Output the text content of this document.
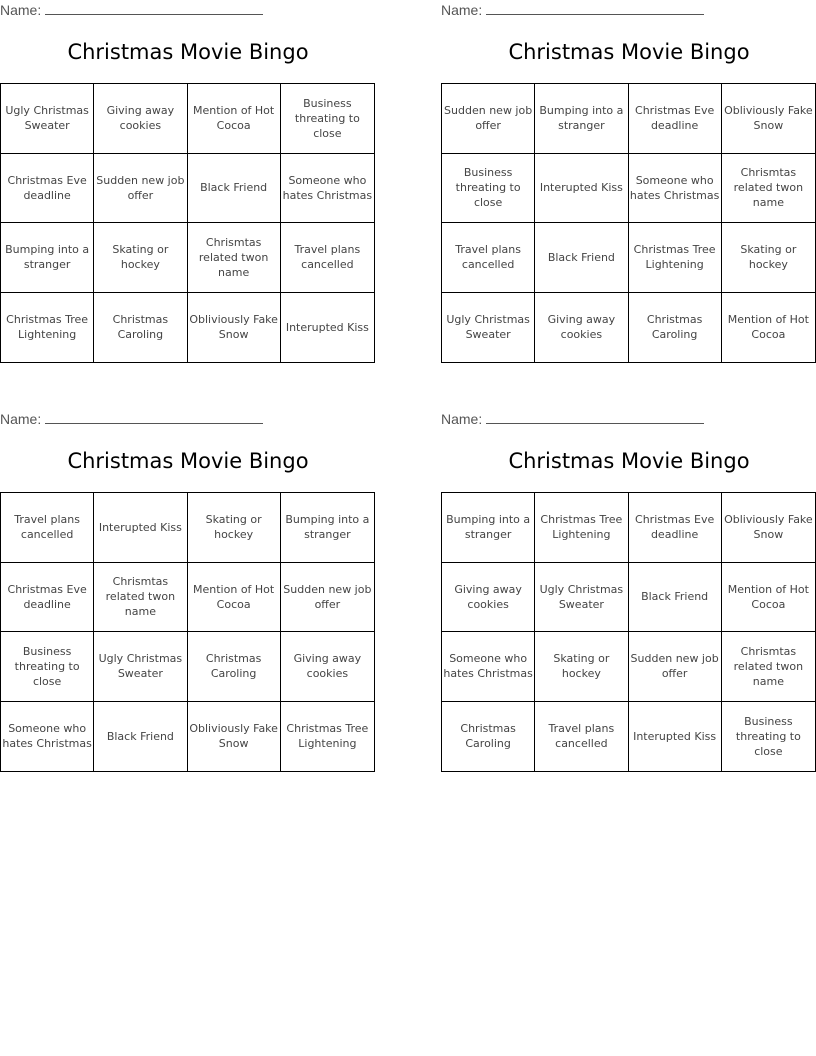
Name:
Christmas Movie Bingo
Ugly Christmas Sweater
Giving away cookies
Mention of Hot Cocoa
Business threating to close
Christmas Eve deadline
Sudden new job offer
Black Friend
Someone who hates Christmas
Bumping into a stranger
Skating or hockey
Chrismtas related twon name
Travel plans cancelled
Christmas Tree Lightening
Christmas Caroling
Obliviously Fake Snow
Interupted Kiss
Name:
Christmas Movie Bingo
Sudden new job offer
Bumping into a stranger
Christmas Eve deadline
Obliviously Fake Snow
Business threating to close
Interupted Kiss
Someone who hates Christmas
Chrismtas related twon name
Travel plans cancelled
Black Friend
Christmas Tree Lightening
Skating or hockey
Ugly Christmas Sweater
Giving away cookies
Christmas Caroling
Mention of Hot Cocoa
Name:
Christmas Movie Bingo
Travel plans cancelled
Interupted Kiss
Skating or hockey
Bumping into a stranger
Christmas Eve deadline
Chrismtas related twon name
Mention of Hot Cocoa
Sudden new job offer
Business threating to close
Ugly Christmas Sweater
Christmas Caroling
Giving away cookies
Someone who hates Christmas
Black Friend
Obliviously Fake Snow
Christmas Tree Lightening
Name:
Christmas Movie Bingo
Bumping into a stranger
Christmas Tree Lightening
Christmas Eve deadline
Obliviously Fake Snow
Giving away cookies
Ugly Christmas Sweater
Black Friend
Mention of Hot Cocoa
Someone who hates Christmas
Skating or hockey
Sudden new job offer
Chrismtas related twon name
Christmas Caroling
Travel plans cancelled
Interupted Kiss
Business threating to close
